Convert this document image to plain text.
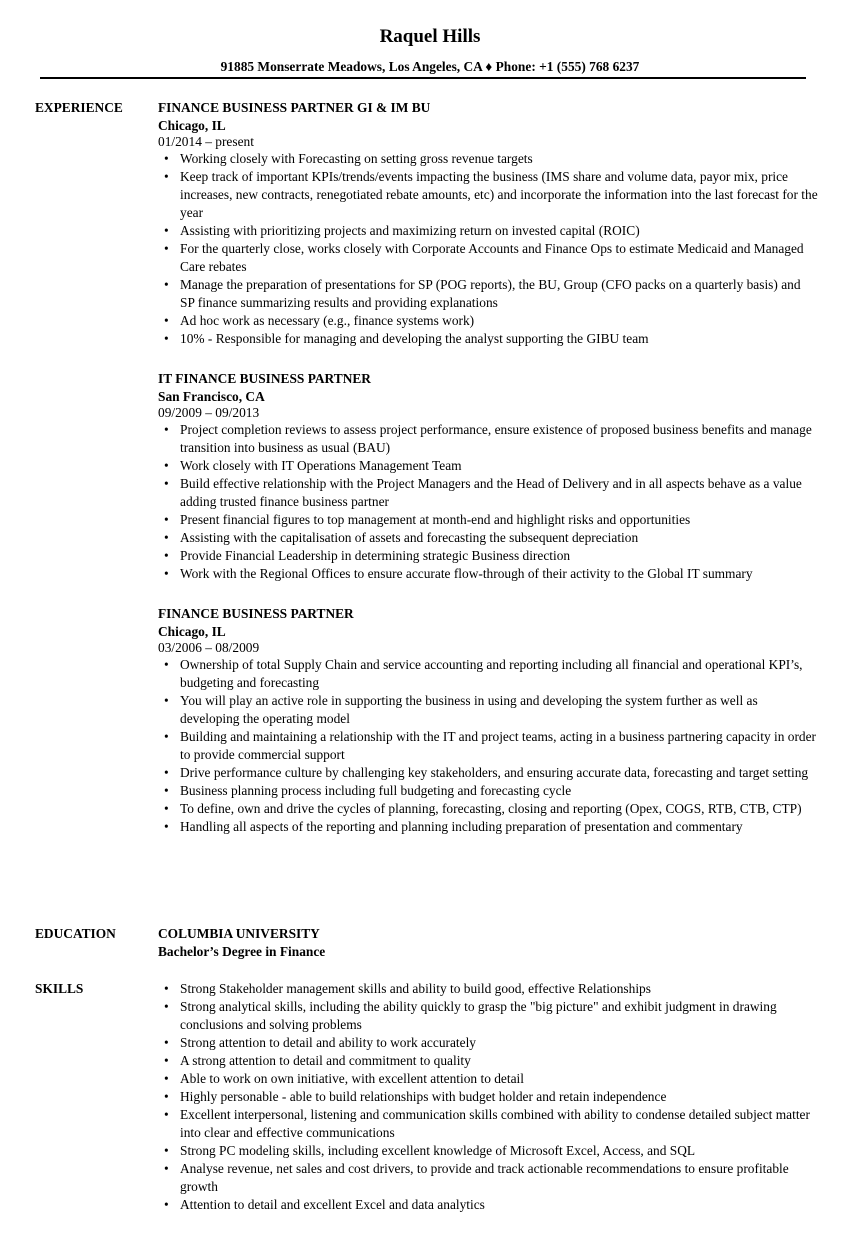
Raquel Hills
91885 Monserrate Meadows, Los Angeles, CA ♦ Phone: +1 (555) 768 6237
EXPERIENCE	FINANCE BUSINESS PARTNER GI & IM BU
Chicago, IL
01/2014 – present
• Working closely with Forecasting on setting gross revenue targets
• Keep track of important KPIs/trends/events impacting the business (IMS share and volume data, payor mix, price increases, new contracts, renegotiated rebate amounts, etc) and incorporate the information into the last forecast for the year
• Assisting with prioritizing projects and maximizing return on invested capital (ROIC)
• For the quarterly close, works closely with Corporate Accounts and Finance Ops to estimate Medicaid and Managed Care rebates
• Manage the preparation of presentations for SP (POG reports), the BU, Group (CFO packs on a quarterly basis) and SP finance summarizing results and providing explanations
• Ad hoc work as necessary (e.g., finance systems work)
• 10% - Responsible for managing and developing the analyst supporting the GIBU team
IT FINANCE BUSINESS PARTNER
San Francisco, CA
09/2009 – 09/2013
• Project completion reviews to assess project performance, ensure existence of proposed business benefits and manage transition into business as usual (BAU)
• Work closely with IT Operations Management Team
• Build effective relationship with the Project Managers and the Head of Delivery and in all aspects behave as a value adding trusted finance business partner
• Present financial figures to top management at month-end and highlight risks and opportunities
• Assisting with the capitalisation of assets and forecasting the subsequent depreciation
• Provide Financial Leadership in determining strategic Business direction
• Work with the Regional Offices to ensure accurate flow-through of their activity to the Global IT summary
FINANCE BUSINESS PARTNER
Chicago, IL
03/2006 – 08/2009
• Ownership of total Supply Chain and service accounting and reporting including all financial and operational KPI’s, budgeting and forecasting
• You will play an active role in supporting the business in using and developing the system further as well as developing the operating model
• Building and maintaining a relationship with the IT and project teams, acting in a business partnering capacity in order to provide commercial support
• Drive performance culture by challenging key stakeholders, and ensuring accurate data, forecasting and target setting
• Business planning process including full budgeting and forecasting cycle
• To define, own and drive the cycles of planning, forecasting, closing and reporting (Opex, COGS, RTB, CTB, CTP)
• Handling all aspects of the reporting and planning including preparation of presentation and commentary
EDUCATION	COLUMBIA UNIVERSITY
Bachelor’s Degree in Finance
SKILLS
•	Strong Stakeholder management skills and ability to build good, effective Relationships
• Strong analytical skills, including the ability quickly to grasp the "big picture" and exhibit judgment in drawing conclusions and solving problems
• Strong attention to detail and ability to work accurately
• A strong attention to detail and commitment to quality
• Able to work on own initiative, with excellent attention to detail
• Highly personable - able to build relationships with budget holder and retain independence
• Excellent interpersonal, listening and communication skills combined with ability to condense detailed subject matter into clear and effective communications
• Strong PC modeling skills, including excellent knowledge of Microsoft Excel, Access, and SQL
• Analyse revenue, net sales and cost drivers, to provide and track actionable recommendations to ensure profitable growth
• Attention to detail and excellent Excel and data analytics
